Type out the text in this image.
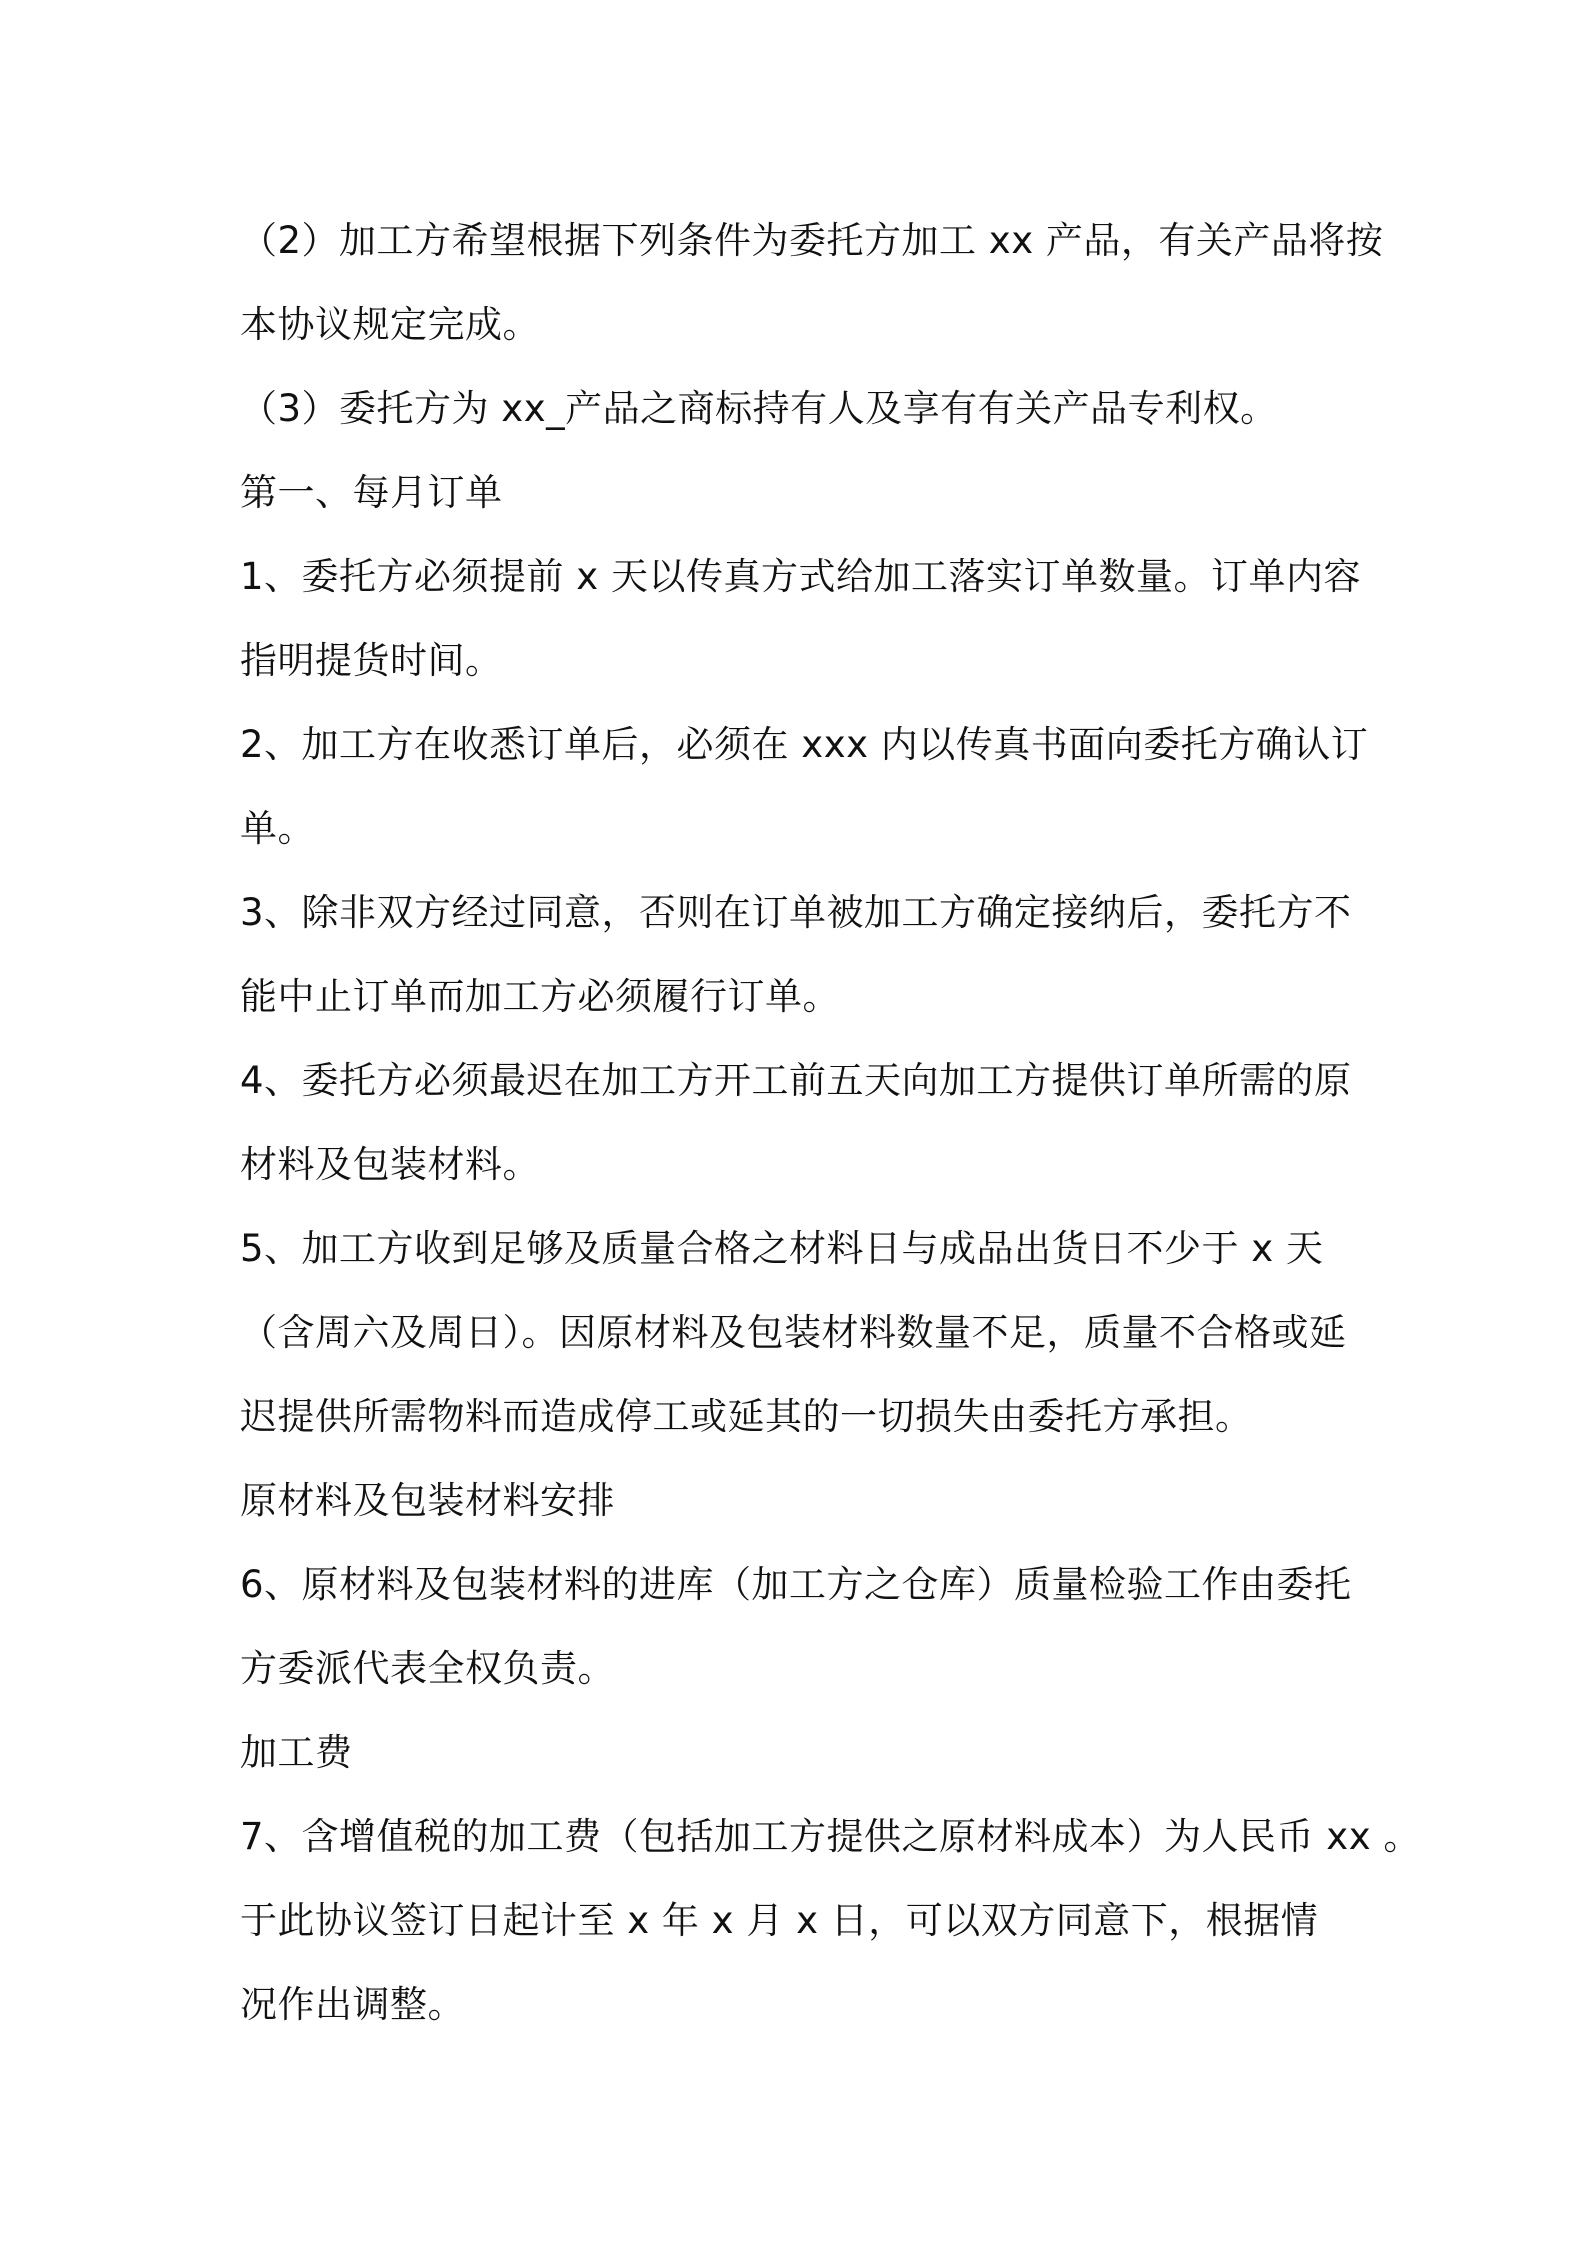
（2）加工方希望根据下列条件为委托方加工 xx 产品，有关产品将按
本协议规定完成。
（3）委托方为 xx_产品之商标持有人及享有有关产品专利权。
第一、每月订单
1、委托方必须提前 x 天以传真方式给加工落实订单数量。订单内容
指明提货时间。
2、加工方在收悉订单后，必须在 xxx 内以传真书面向委托方确认订
单。
3、除非双方经过同意，否则在订单被加工方确定接纳后，委托方不
能中止订单而加工方必须履行订单。
4、委托方必须最迟在加工方开工前五天向加工方提供订单所需的原
材料及包装材料。
5、加工方收到足够及质量合格之材料日与成品出货日不少于 x 天
（含周六及周日）。因原材料及包装材料数量不足，质量不合格或延
迟提供所需物料而造成停工或延其的一切损失由委托方承担。
原材料及包装材料安排
6、原材料及包装材料的进库（加工方之仓库）质量检验工作由委托
方委派代表全权负责。
加工费
7、含增值税的加工费（包括加工方提供之原材料成本）为人民币 xx 。
于此协议签订日起计至 x 年 x 月 x 日，可以双方同意下，根据情
况作出调整。
